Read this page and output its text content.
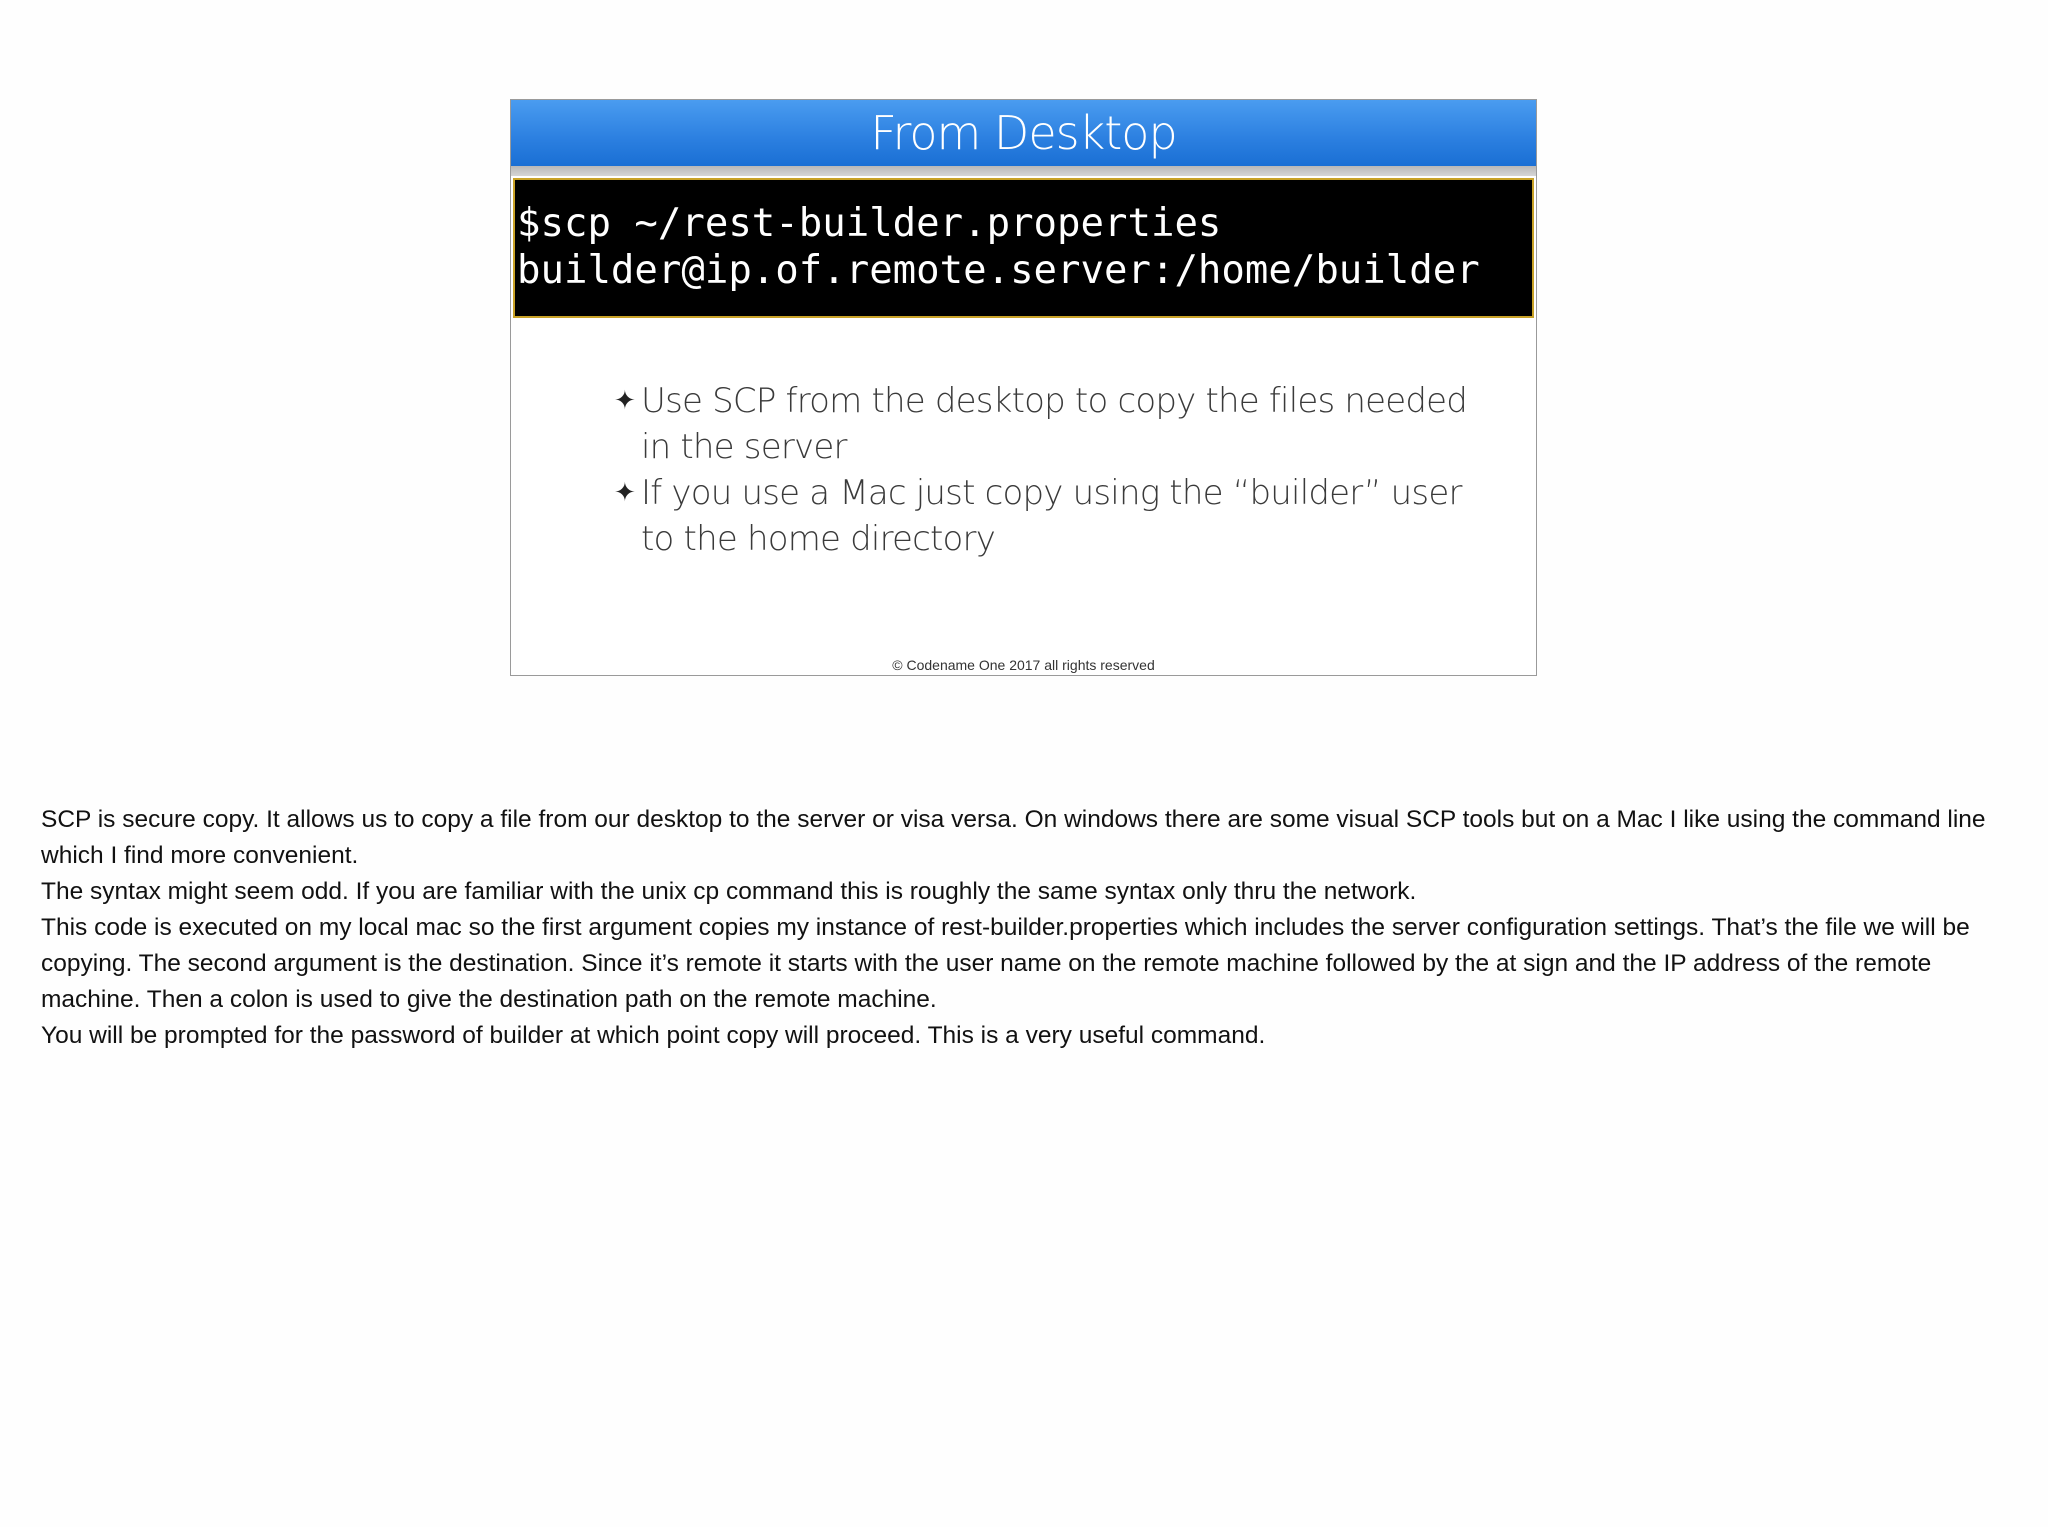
From Desktop
$scp ~/rest-builder.properties
builder@ip.of.remote.server:/home/builder
✦ Use SCP from the desktop to copy the files needed in the server
✦ If you use a Mac just copy using the “builder” user to the home directory
© Codename One 2017 all rights reserved

SCP is secure copy. It allows us to copy a file from our desktop to the server or visa versa. On windows there are some visual SCP tools but on a Mac I like using the command line which I find more convenient.

The syntax might seem odd. If you are familiar with the unix cp command this is roughly the same syntax only thru the network.

This code is executed on my local mac so the first argument copies my instance of rest-builder.properties which includes the server configuration settings. That’s the file we will be copying. The second argument is the destination. Since it’s remote it starts with the user name on the remote machine followed by the at sign and the IP address of the remote machine. Then a colon is used to give the destination path on the remote machine.

You will be prompted for the password of builder at which point copy will proceed. This is a very useful command.
